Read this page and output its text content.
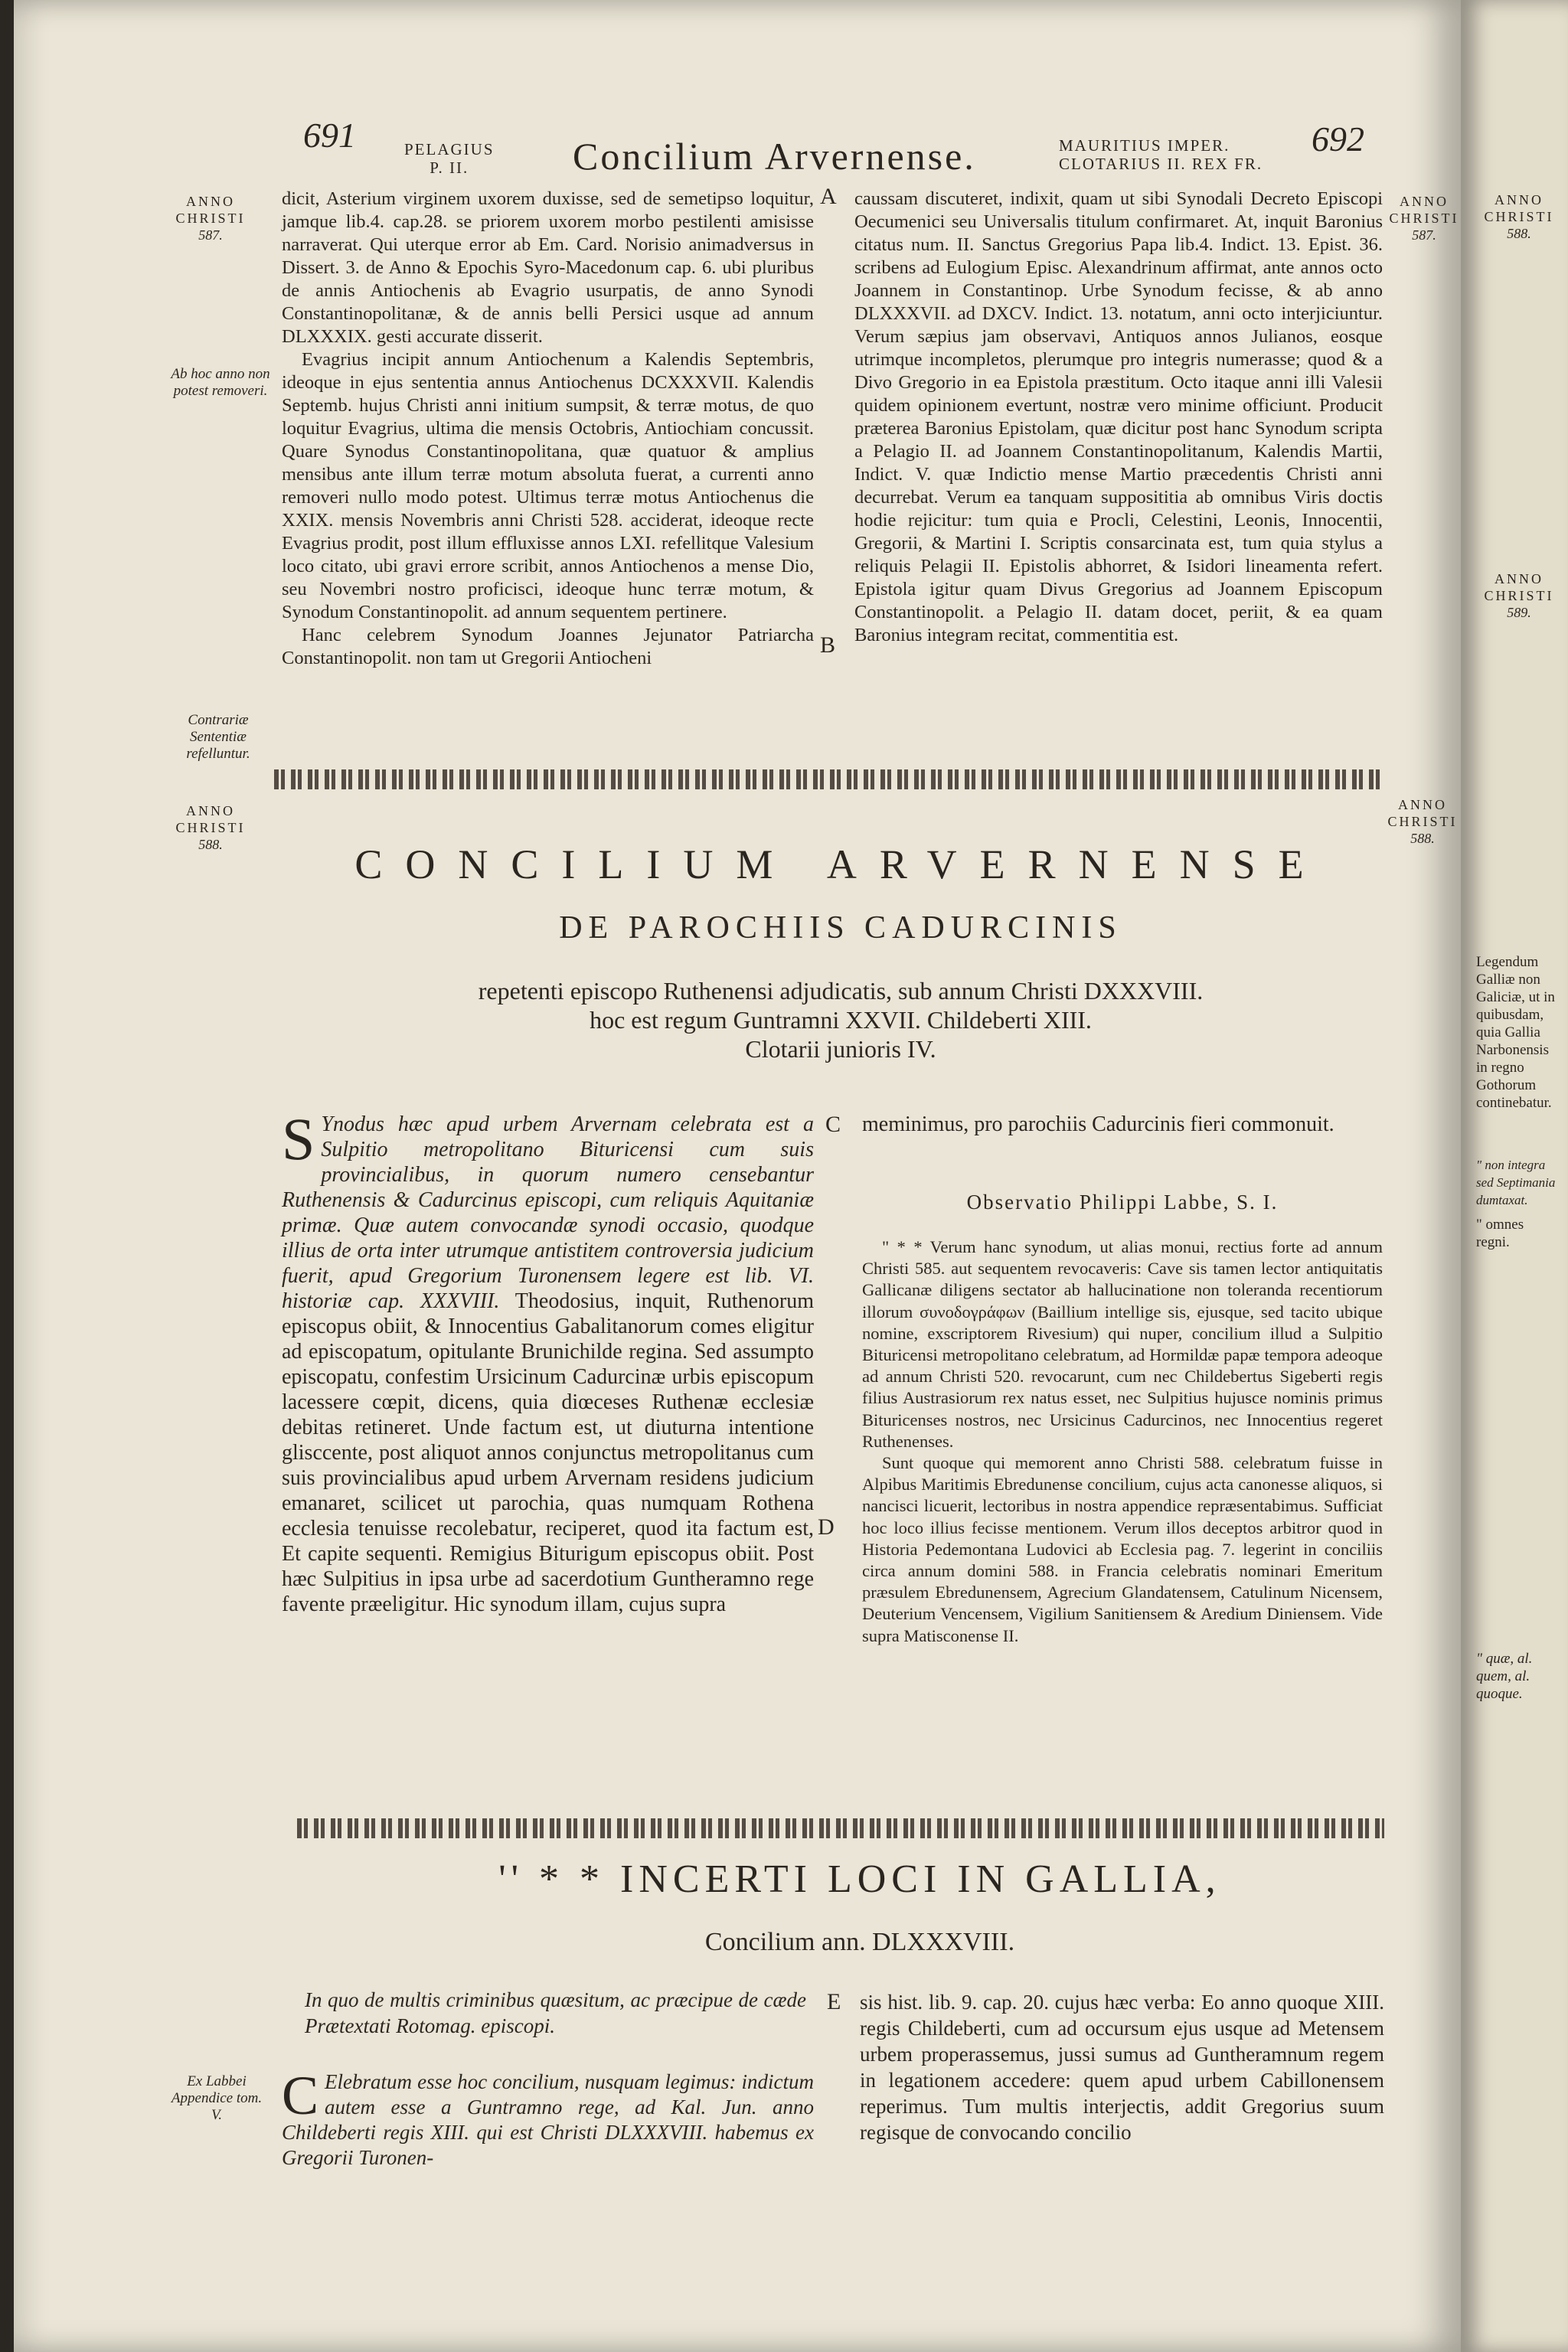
691	PELAGIUS
P. II.	Concilium Arvernense.	MAURITIUS IMPER.
CLOTARIUS II. REX FR.
692
ANNO CHRISTI
587.
Ab hoc anno non potest removeri.
Contrariæ Sententiæ refelluntur.
ANNO CHRISTI
588.
Ex Labbei Appendice tom. V.
ANNO CHRISTI
587.
ANNO CHRISTI
588.
A
B
C
D
E

dicit, Asterium virginem uxorem duxisse, sed de semetipso loquitur, jamque lib.4. cap.28. se priorem uxorem morbo pestilenti amisisse narraverat. Qui uterque error ab Em. Card. Norisio animadversus in Dissert. 3. de Anno & Epochis Syro-Macedonum cap. 6. ubi pluribus de annis Antiochenis ab Evagrio usurpatis, de anno Synodi Constantinopolitanæ, & de annis belli Persici usque ad annum DLXXXIX. gesti accurate disserit.

Evagrius incipit annum Antiochenum a Kalendis Septembris, ideoque in ejus sententia annus Antiochenus DCXXXVII. Kalendis Septemb. hujus Christi anni initium sumpsit, & terræ motus, de quo loquitur Evagrius, ultima die mensis Octobris, Antiochiam concussit. Quare Synodus Constantinopolitana, quæ quatuor & amplius mensibus ante illum terræ motum absoluta fuerat, a currenti anno removeri nullo modo potest. Ultimus terræ motus Antiochenus die XXIX. mensis Novembris anni Christi 528. acciderat, ideoque recte Evagrius prodit, post illum effluxisse annos LXI. refellitque Valesium loco citato, ubi gravi errore scribit, annos Antiochenos a mense Dio, seu Novembri nostro proficisci, ideoque hunc terræ motum, & Synodum Constantinopolit. ad annum sequentem pertinere.

Hanc celebrem Synodum Joannes Jejunator Patriarcha Constantinopolit. non tam ut Gregorii Antiocheni

caussam discuteret, indixit, quam ut sibi Synodali Decreto Episcopi Oecumenici seu Universalis titulum confirmaret. At, inquit Baronius citatus num. II. Sanctus Gregorius Papa lib.4. Indict. 13. Epist. 36. scribens ad Eulogium Episc. Alexandrinum affirmat, ante annos octo Joannem in Constantinop. Urbe Synodum fecisse, & ab anno DLXXXVII. ad DXCV. Indict. 13. notatum, anni octo interjiciuntur. Verum sæpius jam observavi, Antiquos annos Julianos, eosque utrimque incompletos, plerumque pro integris numerasse; quod & a Divo Gregorio in ea Epistola præstitum. Octo itaque anni illi Valesii quidem opinionem evertunt, nostræ vero minime officiunt. Producit præterea Baronius Epistolam, quæ dicitur post hanc Synodum scripta a Pelagio II. ad Joannem Constantinopolitanum, Kalendis Martii, Indict. V. quæ Indictio mense Martio præcedentis Christi anni decurrebat. Verum ea tanquam supposititia ab omnibus Viris doctis hodie rejicitur: tum quia e Procli, Celestini, Leonis, Innocentii, Gregorii, & Martini I. Scriptis consarcinata est, tum quia stylus a reliquis Pelagii II. Epistolis abhorret, & Isidori lineamenta refert. Epistola igitur quam Divus Gregorius ad Joannem Episcopum Constantinopolit. a Pelagio II. datam docet, periit, & ea quam Baronius integram recitat, commentitia est.

CONCILIUM ARVERNENSE
DE PAROCHIIS CADURCINIS
repetenti episcopo Ruthenensi adjudicatis, sub annum Christi DXXXVIII.
hoc est regum Guntramni XXVII. Childeberti XIII.
Clotarii junioris IV.
S Ynodus hæc apud urbem Arvernam celebrata est a Sulpitio metropolitano Bituricensi cum suis provincialibus, in quorum numero censebantur Ruthenensis & Cadurcinus episcopi, cum reliquis Aquitaniæ primæ. Quæ autem convocandæ synodi occasio, quodque illius de orta inter utrumque antistitem controversia judicium fuerit, apud Gregorium Turonensem legere est lib. VI. historiæ cap. XXXVIII. Theodosius, inquit, Ruthenorum episcopus obiit, & Innocentius Gabalitanorum comes eligitur ad episcopatum, opitulante Brunichilde regina. Sed assumpto episcopatu, confestim Ursicinum Cadurcinæ urbis episcopum lacessere cœpit, dicens, quia diœceses Ruthenæ ecclesiæ debitas retineret. Unde factum est, ut diuturna intentione glisccente, post aliquot annos conjunctus metropolitanus cum suis provincialibus apud urbem Arvernam residens judicium emanaret, scilicet ut parochia, quas numquam Rothena ecclesia tenuisse recolebatur, reciperet, quod ita factum est, Et capite sequenti. Remigius Biturigum episcopus obiit. Post hæc Sulpitius in ipsa urbe ad sacerdotium Guntheramno rege favente præeligitur. Hic synodum illam, cujus supra

meminimus, pro parochiis Cadurcinis fieri commonuit.

Observatio Philippi Labbe, S. I.

" * * Verum hanc synodum, ut alias monui, rectius forte ad annum Christi 585. aut sequentem revocaveris: Cave sis tamen lector antiquitatis Gallicanæ diligens sectator ab hallucinatione non toleranda recentiorum illorum συνοδογράφων (Baillium intellige sis, ejusque, sed tacito ubique nomine, exscriptorem Rivesium) qui nuper, concilium illud a Sulpitio Bituricensi metropolitano celebratum, ad Hormildæ papæ tempora adeoque ad annum Christi 520. revocarunt, cum nec Childebertus Sigeberti regis filius Austrasiorum rex natus esset, nec Sulpitius hujusce nominis primus Bituricenses nostros, nec Ursicinus Cadurcinos, nec Innocentius regeret Ruthenenses.

Sunt quoque qui memorent anno Christi 588. celebratum fuisse in Alpibus Maritimis Ebredunense concilium, cujus acta canonesse aliquos, si nancisci licuerit, lectoribus in nostra appendice repræsentabimus. Sufficiat hoc loco illius fecisse mentionem. Verum illos deceptos arbitror quod in Historia Pedemontana Ludovici ab Ecclesia pag. 7. legerint in conciliis circa annum domini 588. in Francia celebratis nominari Emeritum præsulem Ebredunensem, Agrecium Glandatensem, Catulinum Nicensem, Deuterium Vencensem, Vigilium Sanitiensem & Aredium Diniensem. Vide supra Matisconense II.

'' * * INCERTI LOCI IN GALLIA,
Concilium ann. DLXXXVIII.
In quo de multis criminibus quæsitum, ac præcipue de cæde Prætextati Rotomag. episcopi.
C Elebratum esse hoc concilium, nusquam legimus: indictum autem esse a Guntramno rege, ad Kal. Jun. anno Childeberti regis XIII. qui est Christi DLXXXVIII. habemus ex Gregorii Turonen-
sis hist. lib. 9. cap. 20. cujus hæc verba: Eo anno quoque XIII. regis Childeberti, cum ad occursum ejus usque ad Metensem urbem properassemus, jussi sumus ad Guntheramnum regem in legationem accedere: quem apud urbem Cabillonensem reperimus. Tum multis interjectis, addit Gregorius suum regisque de convocando concilio
ANNO CHRISTI
588.
ANNO CHRISTI
589.
Legendum Galliæ non Galiciæ, ut in quibusdam, quia Gallia Narbonensis in regno Gothorum continebatur.
" non integra sed Septimania dumtaxat.
" omnes regni.
" quæ, al. quem, al. quoque.
